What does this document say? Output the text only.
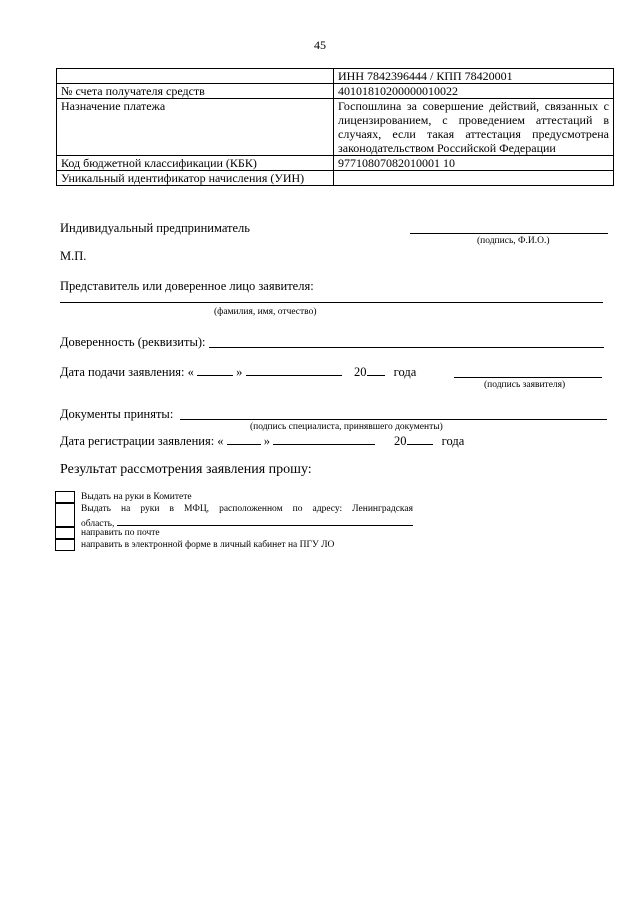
45
	ИНН 7842396444 / КПП 78420001
№ счета получателя средств	40101810200000010022
Назначение платежа	Госпошлина за совершение действий, связанных с лицензированием, с проведением аттестаций в случаях, если такая аттестация предусмотрена законодательством Российской Федерации
Код бюджетной классификации (КБК)	97710807082010001 10
Уникальный идентификатор начисления (УИН)	
Индивидуальный предприниматель
(подпись, Ф.И.О.)
М.П.
Представитель или доверенное лицо заявителя:
(фамилия, имя, отчество)
Доверенность (реквизиты):
Дата подачи заявления: «	»	20 года
(подпись заявителя)
Документы приняты:
(подпись специалиста, принявшего документы)
Дата регистрации заявления: «	»	20	года
Результат рассмотрения заявления прошу:
Выдать на руки в Комитете
Выдать на руки в МФЦ, расположенном по адресу: Ленинградская
область,
направить по почте
направить в электронной форме в личный кабинет на ПГУ ЛО
